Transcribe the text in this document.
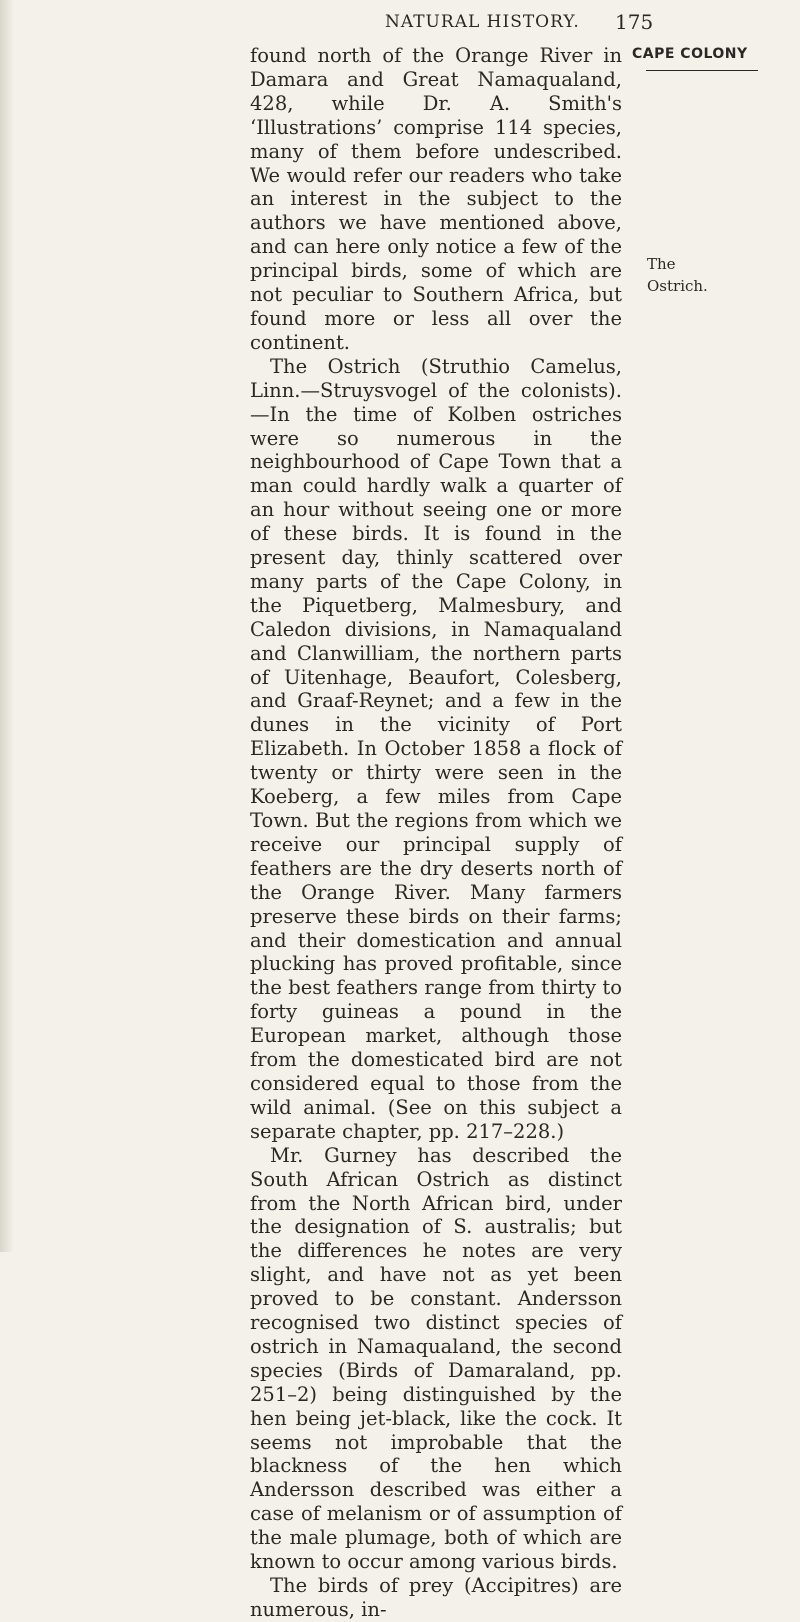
NATURAL HISTORY. 175
CAPE COLONY
The
Ostrich.

found north of the Orange River in Damara and Great Namaqualand, 428, while Dr. A. Smith's ‘Illustrations’ comprise 114 species, many of them before undescribed. We would refer our readers who take an interest in the subject to the authors we have mentioned above, and can here only notice a few of the principal birds, some of which are not peculiar to Southern Africa, but found more or less all over the continent.

The Ostrich (Struthio Camelus, Linn.—Struysvogel of the colonists).—In the time of Kolben ostriches were so numerous in the neighbourhood of Cape Town that a man could hardly walk a quarter of an hour without seeing one or more of these birds. It is found in the present day, thinly scattered over many parts of the Cape Colony, in the Piquetberg, Malmesbury, and Caledon divisions, in Namaqualand and Clanwilliam, the northern parts of Uitenhage, Beaufort, Colesberg, and Graaf-Reynet; and a few in the dunes in the vicinity of Port Elizabeth. In October 1858 a flock of twenty or thirty were seen in the Koeberg, a few miles from Cape Town. But the regions from which we receive our principal supply of feathers are the dry deserts north of the Orange River. Many farmers preserve these birds on their farms; and their domestication and annual plucking has proved profitable, since the best feathers range from thirty to forty guineas a pound in the European market, although those from the domesticated bird are not considered equal to those from the wild animal. (See on this subject a separate chapter, pp. 217–228.)

Mr. Gurney has described the South African Ostrich as distinct from the North African bird, under the designation of S. australis; but the differences he notes are very slight, and have not as yet been proved to be constant. Andersson recognised two distinct species of ostrich in Namaqualand, the second species (Birds of Damaraland, pp. 251–2) being distinguished by the hen being jet-black, like the cock. It seems not improbable that the blackness of the hen which Andersson described was either a case of melanism or of assumption of the male plumage, both of which are known to occur among various birds.

The birds of prey (Accipitres) are numerous, in-
